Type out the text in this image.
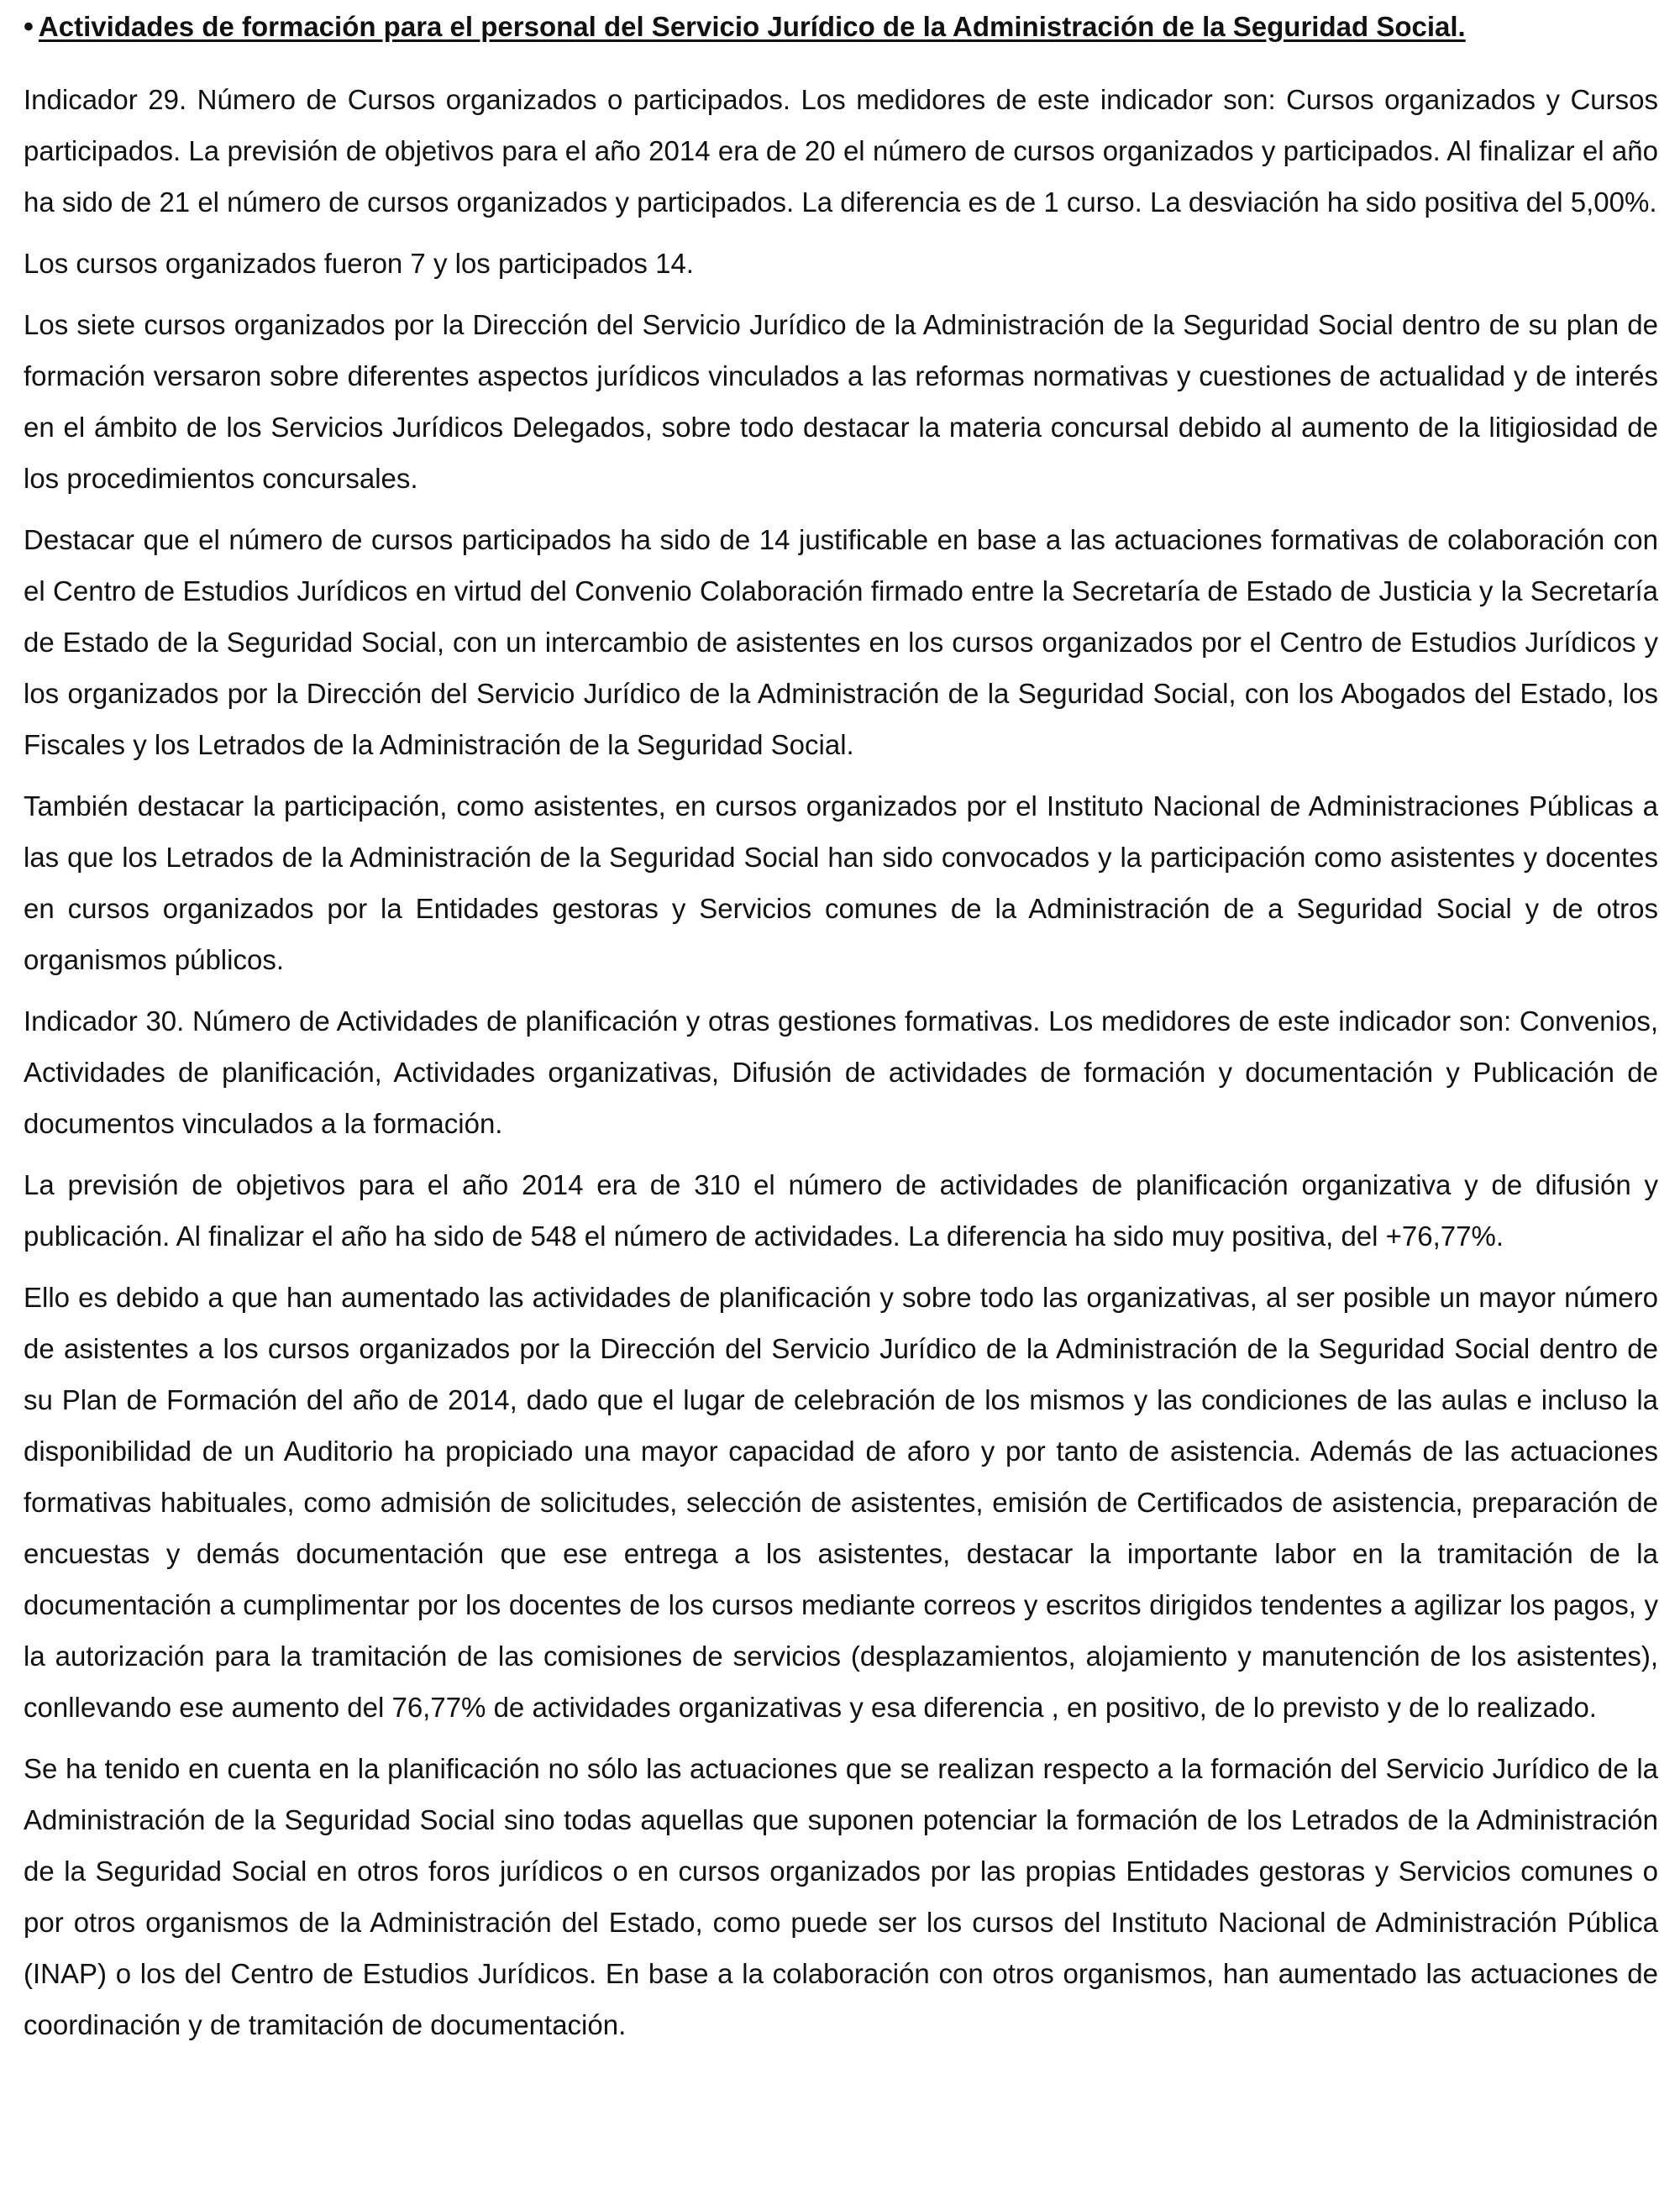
• Actividades de formación para el personal del Servicio Jurídico de la Administración de la Seguridad Social.

Indicador 29. Número de Cursos organizados o participados. Los medidores de este indicador son: Cursos organizados y Cursos participados. La previsión de objetivos para el año 2014 era de 20 el número de cursos organizados y participados. Al finalizar el año ha sido de 21 el número de cursos organizados y participados. La diferencia es de 1 curso. La desviación ha sido positiva del 5,00%.

Los cursos organizados fueron 7 y los participados 14.

Los siete cursos organizados por la Dirección del Servicio Jurídico de la Administración de la Seguridad Social dentro de su plan de formación versaron sobre diferentes aspectos jurídicos vinculados a las reformas normativas y cuestiones de actualidad y de interés en el ámbito de los Servicios Jurídicos Delegados, sobre todo destacar la materia concursal debido al aumento de la litigiosidad de los procedimientos concursales.

Destacar que el número de cursos participados ha sido de 14 justificable en base a las actuaciones formativas de colaboración con el Centro de Estudios Jurídicos en virtud del Convenio Colaboración firmado entre la Secretaría de Estado de Justicia y la Secretaría de Estado de la Seguridad Social, con un intercambio de asistentes en los cursos organizados por el Centro de Estudios Jurídicos y los organizados por la Dirección del Servicio Jurídico de la Administración de la Seguridad Social, con los Abogados del Estado, los Fiscales y los Letrados de la Administración de la Seguridad Social.

También destacar la participación, como asistentes, en cursos organizados por el Instituto Nacional de Administraciones Públicas a las que los Letrados de la Administración de la Seguridad Social han sido convocados y la participación como asistentes y docentes en cursos organizados por la Entidades gestoras y Servicios comunes de la Administración de a Seguridad Social y de otros organismos públicos.

Indicador 30. Número de Actividades de planificación y otras gestiones formativas. Los medidores de este indicador son: Convenios, Actividades de planificación, Actividades organizativas, Difusión de actividades de formación y documentación y Publicación de documentos vinculados a la formación.

La previsión de objetivos para el año 2014 era de 310 el número de actividades de planificación organizativa y de difusión y publicación. Al finalizar el año ha sido de 548 el número de actividades. La diferencia ha sido muy positiva, del +76,77%.

Ello es debido a que han aumentado las actividades de planificación y sobre todo las organizativas, al ser posible un mayor número de asistentes a los cursos organizados por la Dirección del Servicio Jurídico de la Administración de la Seguridad Social dentro de su Plan de Formación del año de 2014, dado que el lugar de celebración de los mismos y las condiciones de las aulas e incluso la disponibilidad de un Auditorio ha propiciado una mayor capacidad de aforo y por tanto de asistencia. Además de las actuaciones formativas habituales, como admisión de solicitudes, selección de asistentes, emisión de Certificados de asistencia, preparación de encuestas y demás documentación que ese entrega a los asistentes, destacar la importante labor en la tramitación de la documentación a cumplimentar por los docentes de los cursos mediante correos y escritos dirigidos tendentes a agilizar los pagos, y la autorización para la tramitación de las comisiones de servicios (desplazamientos, alojamiento y manutención de los asistentes), conllevando ese aumento del 76,77% de actividades organizativas y esa diferencia , en positivo, de lo previsto y de lo realizado.

Se ha tenido en cuenta en la planificación no sólo las actuaciones que se realizan respecto a la formación del Servicio Jurídico de la Administración de la Seguridad Social sino todas aquellas que suponen potenciar la formación de los Letrados de la Administración de la Seguridad Social en otros foros jurídicos o en cursos organizados por las propias Entidades gestoras y Servicios comunes o por otros organismos de la Administración del Estado, como puede ser los cursos del Instituto Nacional de Administración Pública (INAP) o los del Centro de Estudios Jurídicos. En base a la colaboración con otros organismos, han aumentado las actuaciones de coordinación y de tramitación de documentación.
